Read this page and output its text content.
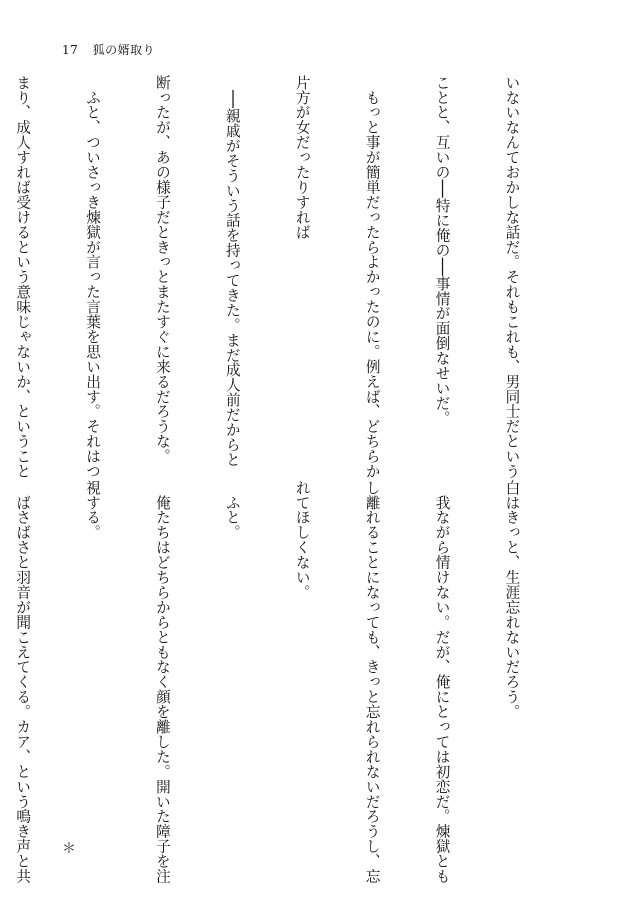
17 狐の婿取り

いないなんておかしな話だ。それもこれも、男同士だという

ことと、互いの──特に俺の──事情が面倒なせいだ。

　もっと事が簡単だったらよかったのに。例えば、どちらか

片方が女だったりすれば

　──親戚がそういう話を持ってきた。まだ成人前だからと

断ったが、あの様子だときっとまたすぐに来るだろうな。

　ふと、ついさっき煉獄が言った言葉を思い出す。それはつ

まり、成人すれば受けるという意味じゃないか、ということ

白はきっと、生涯忘れないだろう。

　我ながら情けない。だが、俺にとっては初恋だ。煉獄とも

し離れることになっても、きっと忘れられないだろうし、忘

れてほしくない。

　ふと。

　俺たちはどちらからともなく顔を離した。開いた障子を注

視する。

　ばさばさと羽音が聞こえてくる。カア、という鳴き声と共

＊
